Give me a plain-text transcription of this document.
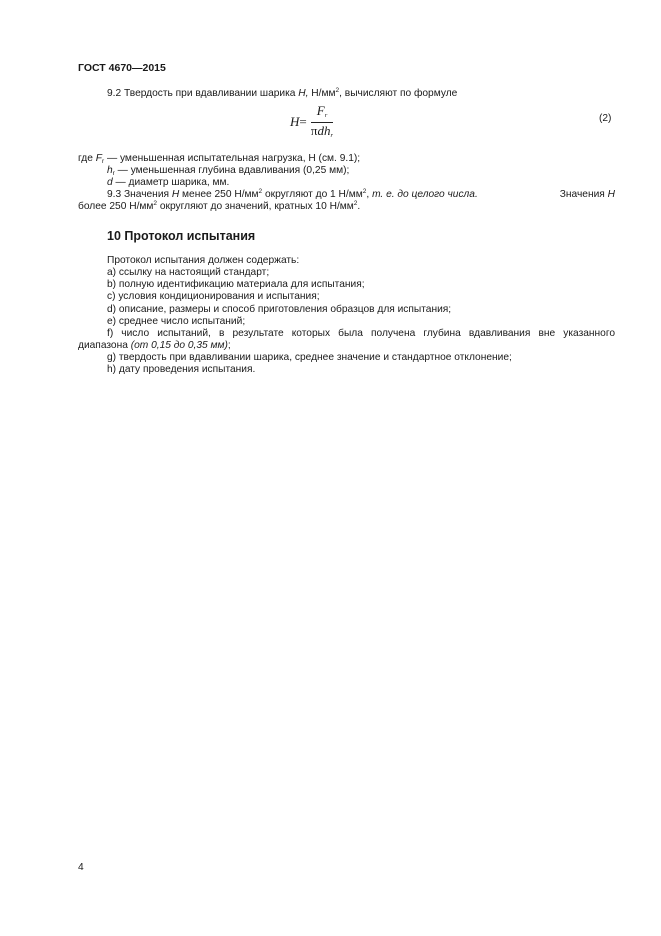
ГОСТ 4670—2015
9.2 Твердость при вдавливании шарика H, $Н/мм^2$, вычисляют по формуле
$H = \frac{F_r}{\pi dh_r}$	(2)
где $F_r$ — уменьшенная испытательная нагрузка, Н (см. 9.1);
$h_r$ — уменьшенная глубина вдавливания (0,25 мм);
d — диаметр шарика, мм.
9.3 Значения H менее 250 $Н/мм^2$ округляют до 1 $Н/мм^2$, т. е. до целого числа.	Значения H
более 250 $Н/мм^2$ округляют до значений, кратных 10 $Н/мм^2$.
10 Протокол испытания
Протокол испытания должен содержать:
a) ссылку на настоящий стандарт;
b) полную идентификацию материала для испытания;
c) условия кондиционирования и испытания;
d) описание, размеры и способ приготовления образцов для испытания;
e) среднее число испытаний;
f) число испытаний, в результате которых была получена глубина вдавливания вне указанного
диапазона (от 0,15 до 0,35 мм);
g) твердость при вдавливании шарика, среднее значение и стандартное отклонение;
h) дату проведения испытания.
4
